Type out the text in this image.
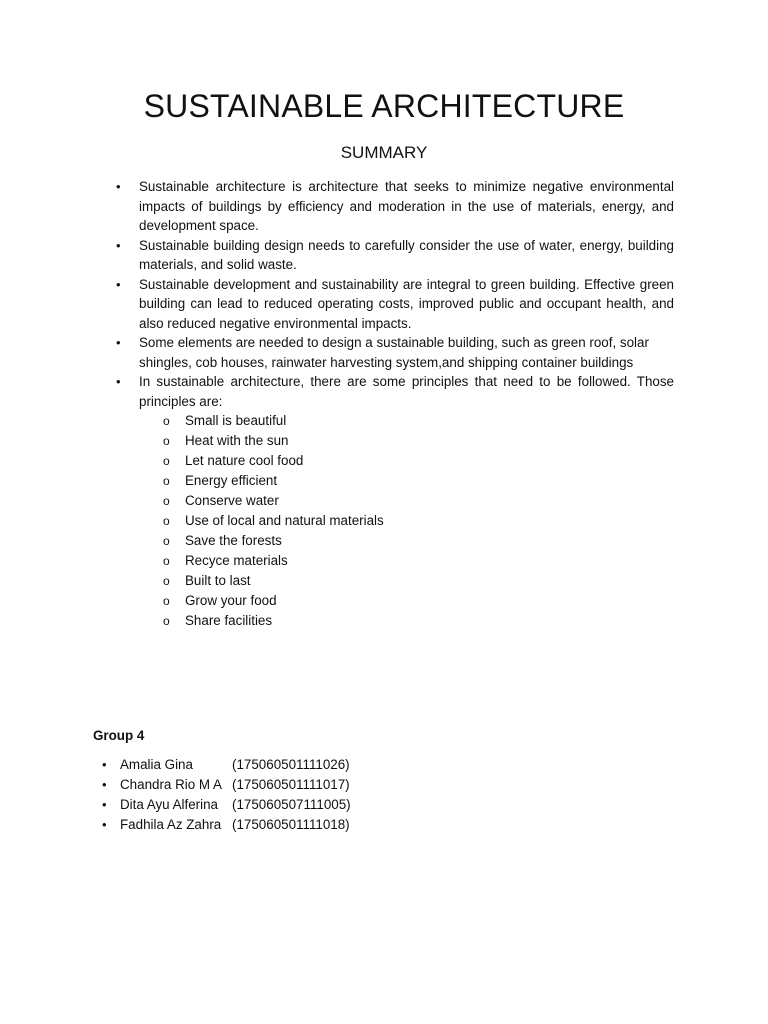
SUSTAINABLE ARCHITECTURE
SUMMARY
• Sustainable architecture is architecture that seeks to minimize negative environmental impacts of buildings by efficiency and moderation in the use of materials, energy, and development space.
• Sustainable building design needs to carefully consider the use of water, energy, building materials, and solid waste.
• Sustainable development and sustainability are integral to green building. Effective green building can lead to reduced operating costs, improved public and occupant health, and also reduced negative environmental impacts.
• Some elements are needed to design a sustainable building, such as green roof, solar shingles, cob houses, rainwater harvesting system,and shipping container buildings
• In sustainable architecture, there are some principles that need to be followed. Those principles are:
o Small is beautiful
o Heat with the sun
o Let nature cool food
o Energy efficient
o Conserve water
o Use of local and natural materials
o Save the forests
o Recyce materials
o Built to last
o Grow your food
o Share facilities

Group 4

• Amalia Gina	(175060501111026)
• Chandra Rio M A (175060501111017)
• Dita Ayu Alferina (175060507111005)
• Fadhila Az Zahra (175060501111018)
